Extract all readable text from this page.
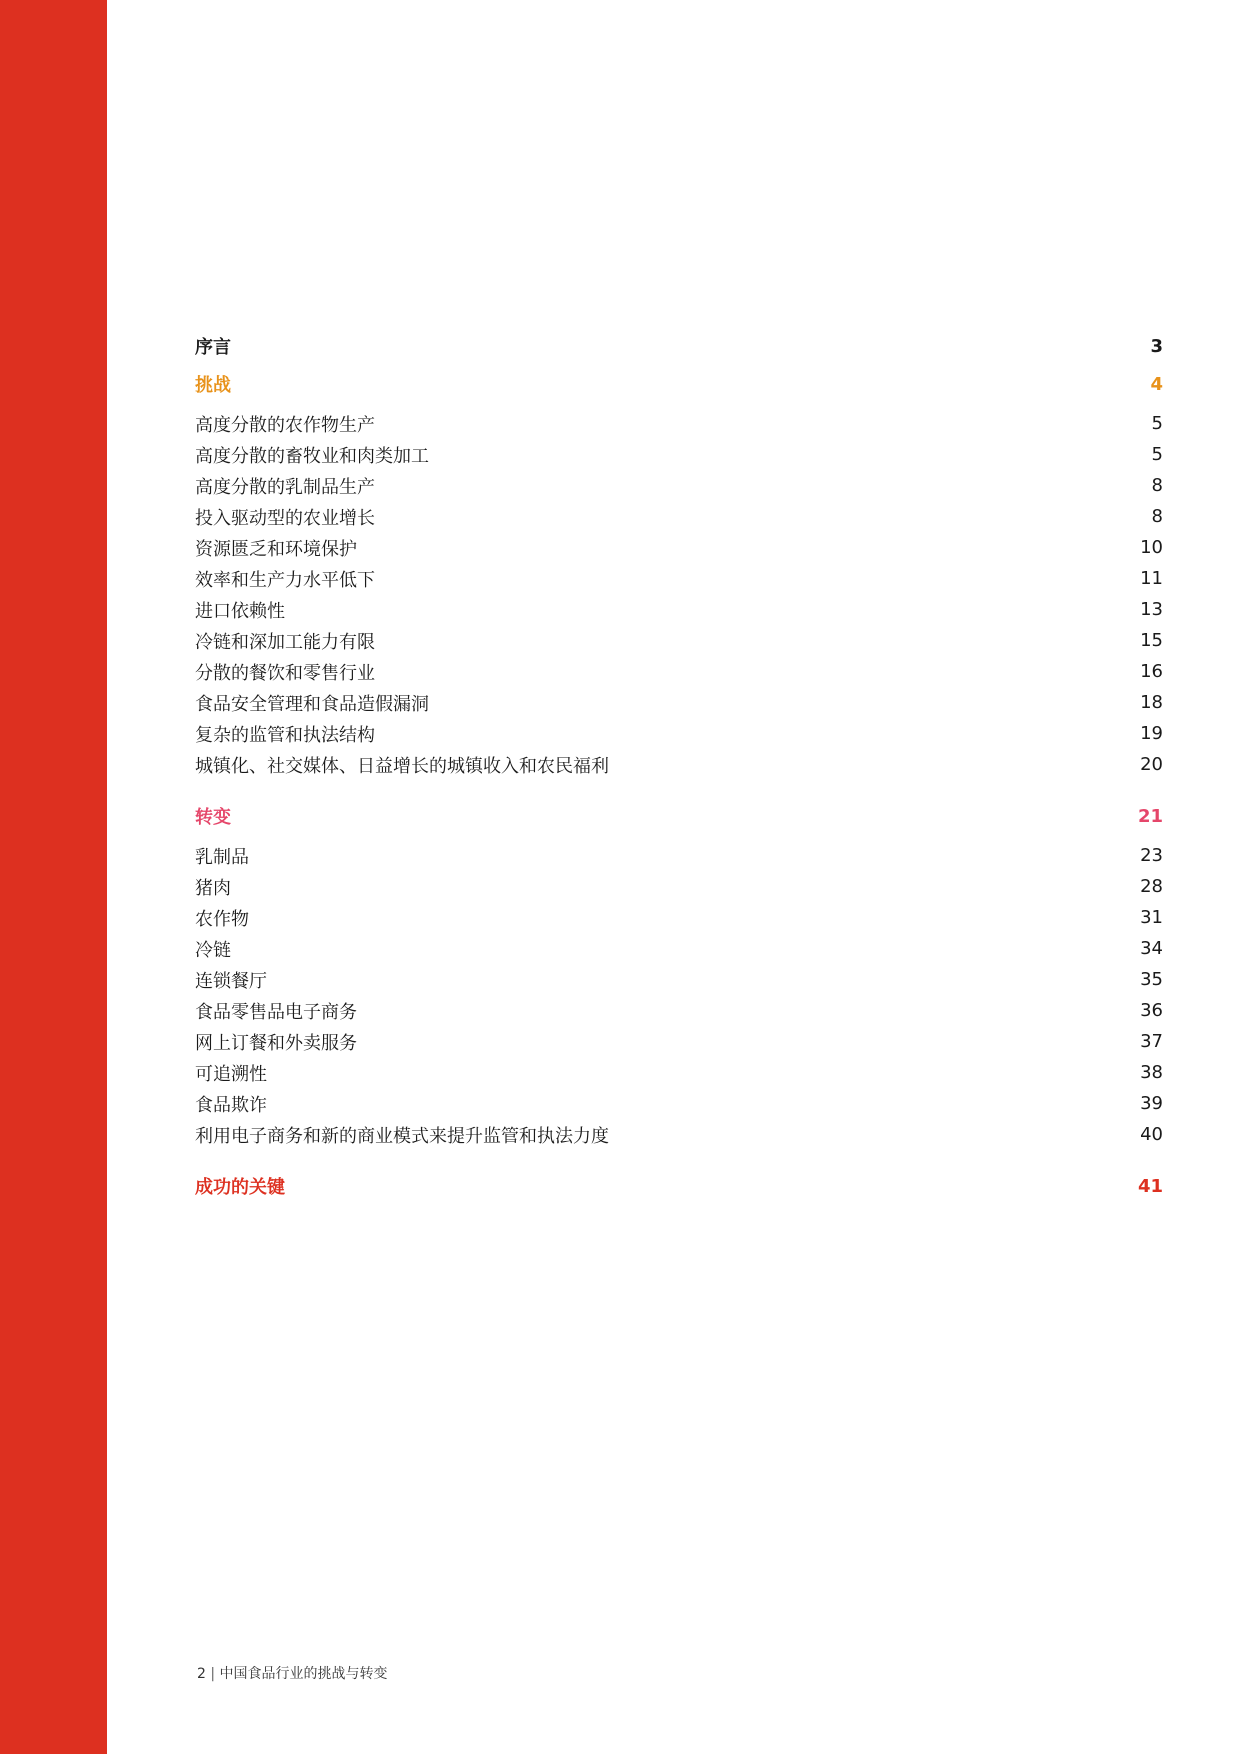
序言	3
挑战	4
高度分散的农作物生产	5
高度分散的畜牧业和肉类加工	5
高度分散的乳制品生产	8
投入驱动型的农业增长	8
资源匮乏和环境保护	10
效率和生产力水平低下	11
进口依赖性	13
冷链和深加工能力有限	15
分散的餐饮和零售行业	16
食品安全管理和食品造假漏洞	18
复杂的监管和执法结构	19
城镇化、社交媒体、日益增长的城镇收入和农民福利	20
转变	21
乳制品	23
猪肉	28
农作物	31
冷链	34
连锁餐厅	35
食品零售品电子商务	36
网上订餐和外卖服务	37
可追溯性	38
食品欺诈	39
利用电子商务和新的商业模式来提升监管和执法力度	40
成功的关键	41
2 | 中国食品行业的挑战与转变
